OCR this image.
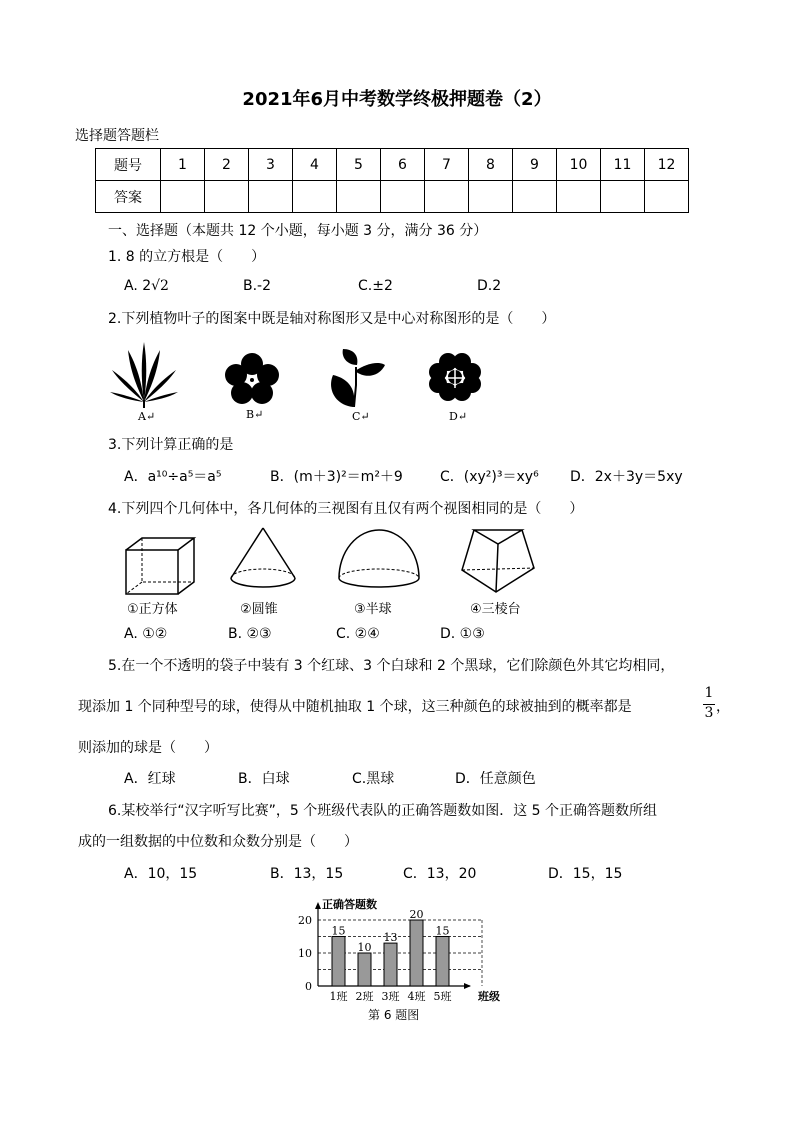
2021年6月中考数学终极押题卷（2）
选择题答题栏
题号	1	2	3	4	5	6	7	8	9	10	11	12
答案												
一、选择题（本题共 12 个小题，每小题 3 分，满分 36 分）
1. 8 的立方根是（　　）
A. 2√2	B.-2	C.±2	D.2
2.下列植物叶子的图案中既是轴对称图形又是中心对称图形的是（　　）
A↵	B↵	C↵	D↵
3.下列计算正确的是
A．a¹⁰÷a⁵＝a⁵	B．(m＋3)²＝m²＋9	C．(xy²)³＝xy⁶ D．2x＋3y＝5xy
4.下列四个几何体中，各几何体的三视图有且仅有两个视图相同的是（　　）
①正方体	②圆锥	③半球	④三棱台
A. ①②	B. ②③	C. ②④	D. ①③
5.在一个不透明的袋子中装有 3 个红球、3 个白球和 2 个黑球，它们除颜色外其它均相同，
现添加 1 个同种型号的球，使得从中随机抽取 1 个球，这三种颜色的球被抽到的概率都是
1
3 ，
则添加的球是（　　）
A．红球	B．白球	C.黑球	D．任意颜色
6.某校举行“汉字听写比赛”，5 个班级代表队的正确答题数如图．这 5 个正确答题数所组
成的一组数据的中位数和众数分别是（　　）
A．10，15	B．13，15	C．13，20	D．15，15
0
10
20
正确答题数
班级
15
1班
10
2班
13
3班
20
4班
15
5班
第 6 题图
